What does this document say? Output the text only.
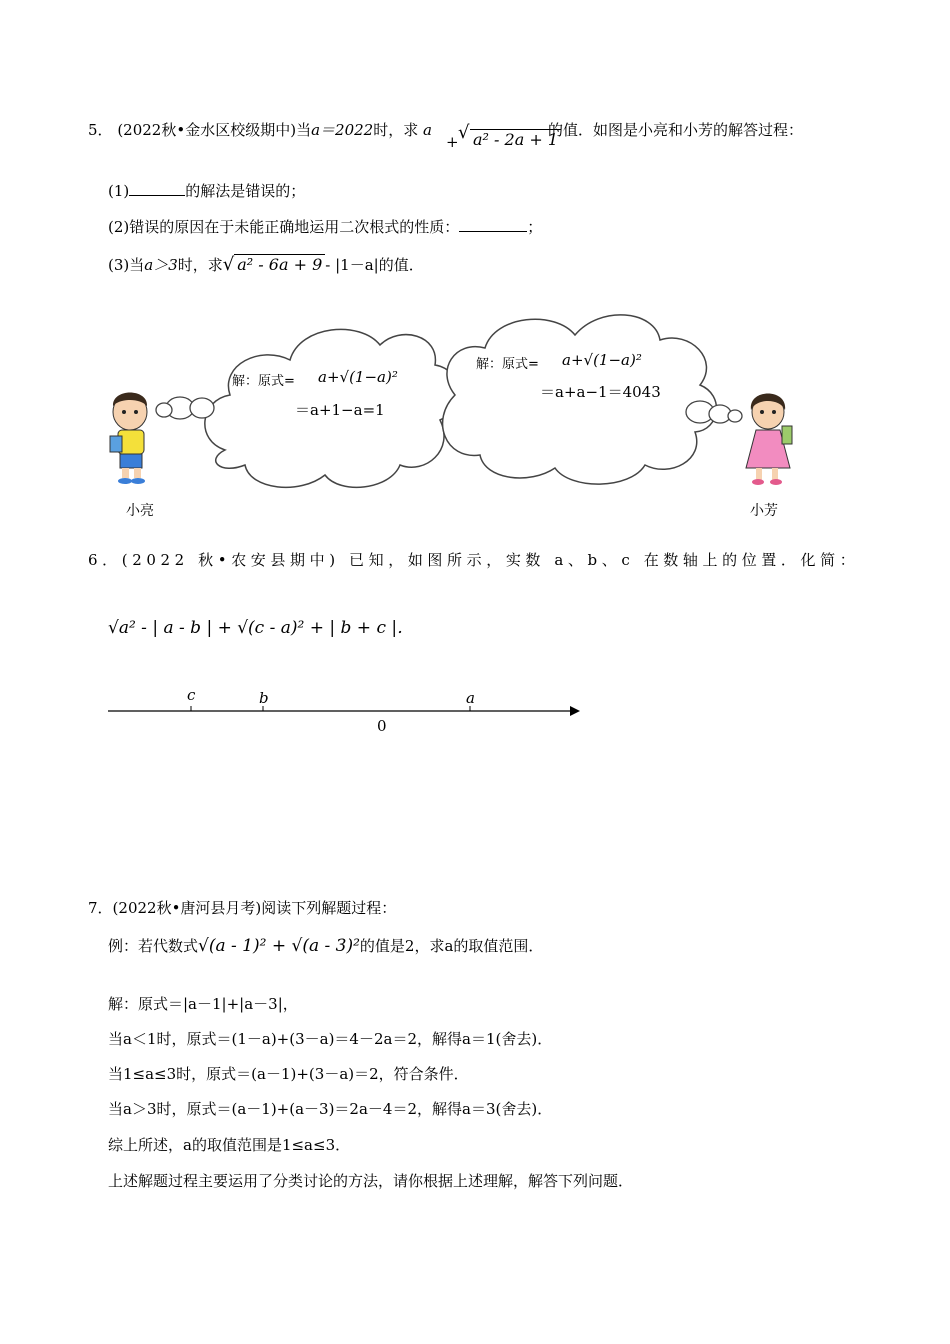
5． (2022秋•金水区校级期中)当a＝2022时，求 a
+ √ a² - 2a + 1
的值．如图是小亮和小芳的解答过程：
(1)	的解法是错误的；
(2)错误的原因在于未能正确地运用二次根式的性质：	；
(3)当a＞3时，求√ a² - 6a + 9 - |1－a|的值．
解：原式= a+√(1−a)²
＝a+1−a=1
解：原式= a+√(1−a)²
＝a+a−1＝4043
小亮	小芳
6．(2022 秋•农安县期中) 已知，如图所示，实数 a、b、c 在数轴上的位置．化简：
√a² - | a - b | + √(c - a)² + | b + c |．
c	b	a
0
7．(2022秋•唐河县月考)阅读下列解题过程：
例：若代数式√(a - 1)² + √(a - 3)²的值是2，求a的取值范围．
解：原式＝|a－1|+|a－3|，
当a＜1时，原式＝(1－a)+(3－a)＝4－2a＝2，解得a＝1(舍去)．
当1≤a≤3时，原式＝(a－1)+(3－a)＝2，符合条件．
当a＞3时，原式＝(a－1)+(a－3)＝2a－4＝2，解得a＝3(舍去)．
综上所述，a的取值范围是1≤a≤3．
上述解题过程主要运用了分类讨论的方法，请你根据上述理解，解答下列问题．
